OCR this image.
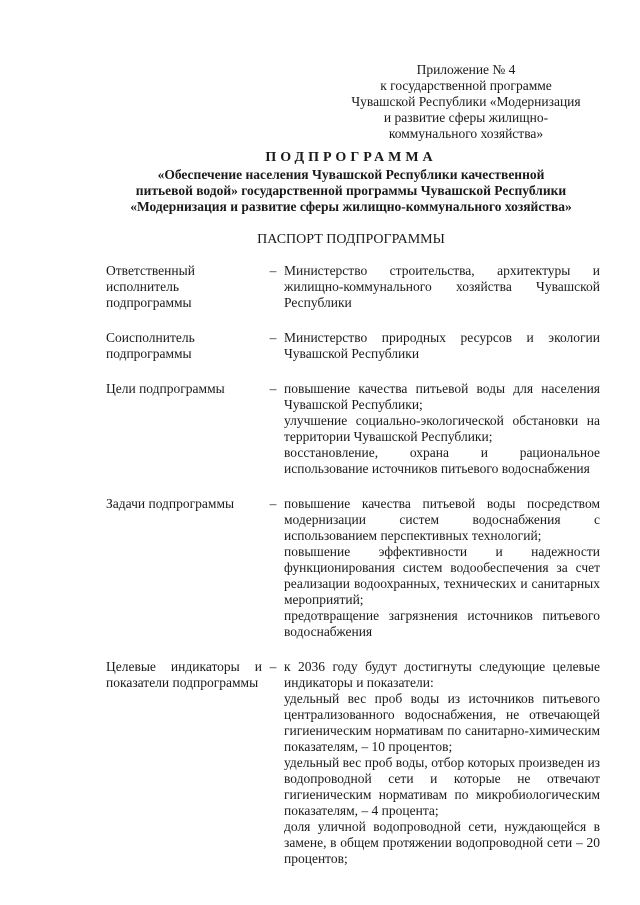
Приложение № 4
к государственной программе
Чувашской Республики «Модернизация
и развитие сферы жилищно-
коммунального хозяйства»
ПОДПРОГРАММА
«Обеспечение населения Чувашской Республики качественной
питьевой водой» государственной программы Чувашской Республики
«Модернизация и развитие сферы жилищно-коммунального хозяйства»
ПАСПОРТ ПОДПРОГРАММЫ
Ответственный исполнитель подпрограммы
– Министерство строительства, архитектуры и жилищно-коммунального хозяйства Чувашской Республики

Соисполнитель подпрограммы
– Министерство природных ресурсов и экологии Чувашской Республики

Цели подпрограммы	– повышение качества питьевой воды для населения Чувашской Республики;

улучшение социально-экологической обстановки на территории Чувашской Республики;

восстановление, охрана и рациональное использование источников питьевого водоснабжения

Задачи подпрограммы	– повышение качества питьевой воды посредством модернизации систем водоснабжения с использованием перспективных технологий;

повышение эффективности и надежности функционирования систем водообеспечения за счет реализации водоохранных, технических и санитарных мероприятий;

предотвращение загрязнения источников питьевого водоснабжения

Целевые индикаторы и показатели подпрограммы
– к 2036 году будут достигнуты следующие целевые индикаторы и показатели:

удельный вес проб воды из источников питьевого централизованного водоснабжения, не отвечающей гигиеническим нормативам по санитарно-химическим показателям, – 10 процентов;

удельный вес проб воды, отбор которых произведен из водопроводной сети и которые не отвечают гигиеническим нормативам по микробиологическим показателям, – 4 процента;

доля уличной водопроводной сети, нуждающейся в замене, в общем протяжении водопроводной сети – 20 процентов;
